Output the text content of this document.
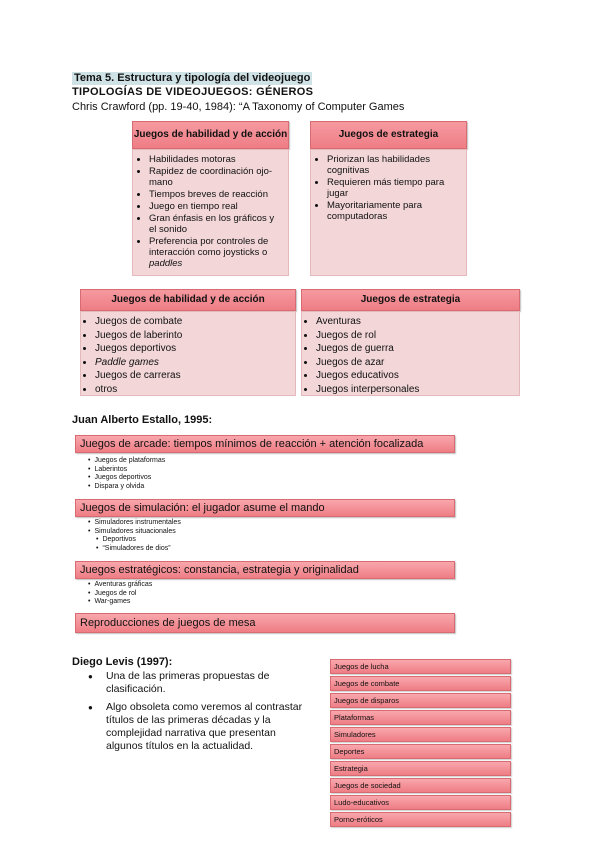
Tema 5. Estructura y tipología del videojuego
TIPOLOGÍAS DE VIDEOJUEGOS: GÉNEROS
Chris Crawford (pp. 19-40, 1984): “A Taxonomy of Computer Games
Juegos de habilidad y de acción
• Habilidades motoras
• Rapidez de coordinación ojo-mano
• Tiempos breves de reacción
• Juego en tiempo real
• Gran énfasis en los gráficos y el sonido
• Preferencia por controles de interacción como joysticks o paddles
Juegos de estrategia
• Priorizan las habilidades cognitivas
• Requieren más tiempo para jugar
• Mayoritariamente para computadoras
Juegos de habilidad y de acción
• Juegos de combate
• Juegos de laberinto
• Juegos deportivos
• Paddle games
• Juegos de carreras
• otros
Juegos de estrategia
• Aventuras
• Juegos de rol
• Juegos de guerra
• Juegos de azar
• Juegos educativos
• Juegos interpersonales
Juan Alberto Estallo, 1995:
Juegos de arcade: tiempos mínimos de reacción + atención focalizada
• Juegos de plataformas
• Laberintos
• Juegos deportivos
• Dispara y olvida
Juegos de simulación: el jugador asume el mando
• Simuladores instrumentales
• Simuladores situacionales
• Deportivos
• “Simuladores de dios”
Juegos estratégicos: constancia, estrategia y originalidad
• Aventuras gráficas
• Juegos de rol
• War-games
Reproducciones de juegos de mesa
Diego Levis (1997):
● Una de las primeras propuestas de clasificación.
● Algo obsoleta como veremos al contrastar títulos de las primeras décadas y la complejidad narrativa que presentan algunos títulos en la actualidad.
Juegos de lucha
Juegos de combate
Juegos de disparos
Plataformas
Simuladores
Deportes
Estrategia
Juegos de sociedad
Ludo-educativos
Porno-eróticos
